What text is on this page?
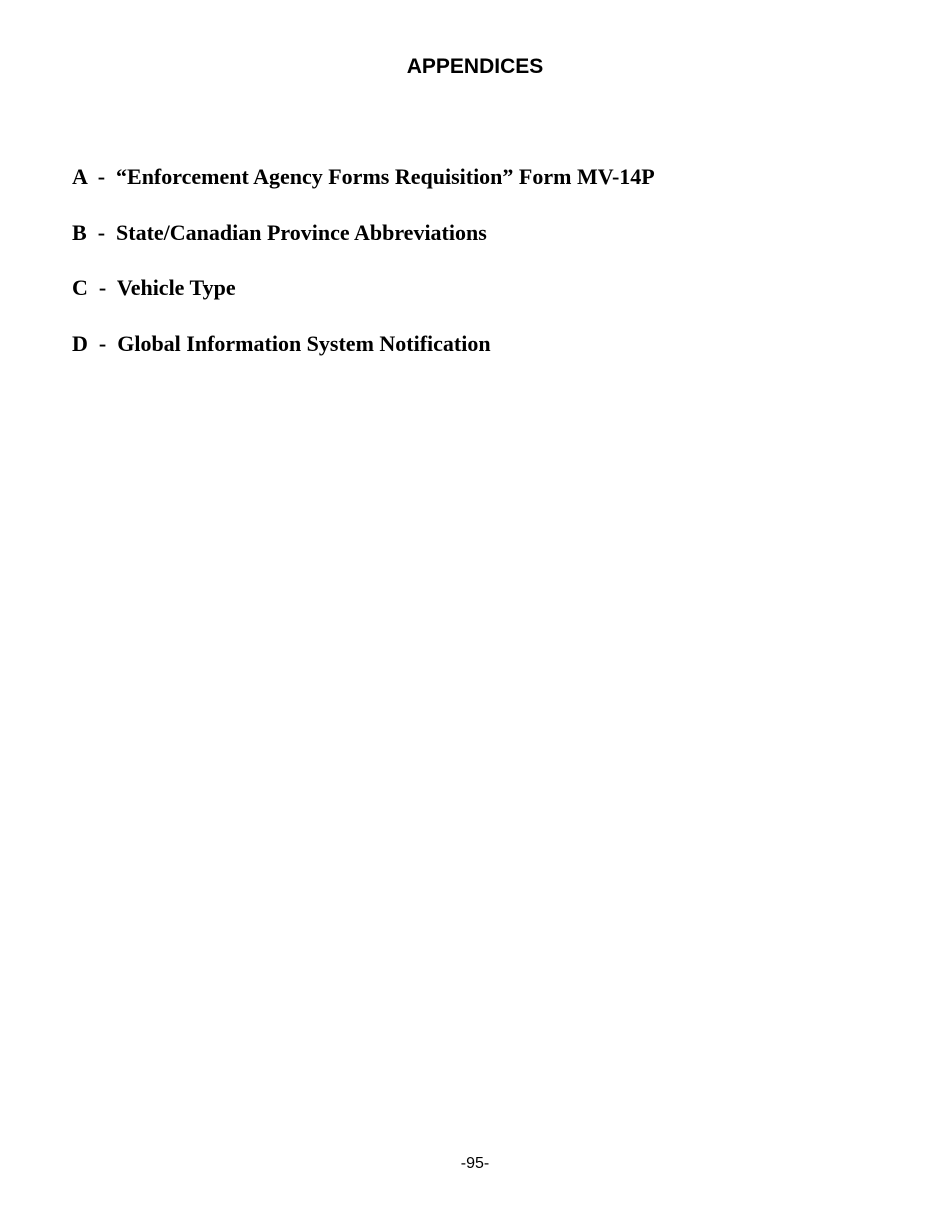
APPENDICES
A  -  “Enforcement Agency Forms Requisition” Form MV-14P
B  -  State/Canadian Province Abbreviations
C  -  Vehicle Type
D  -  Global Information System Notification
-95-
